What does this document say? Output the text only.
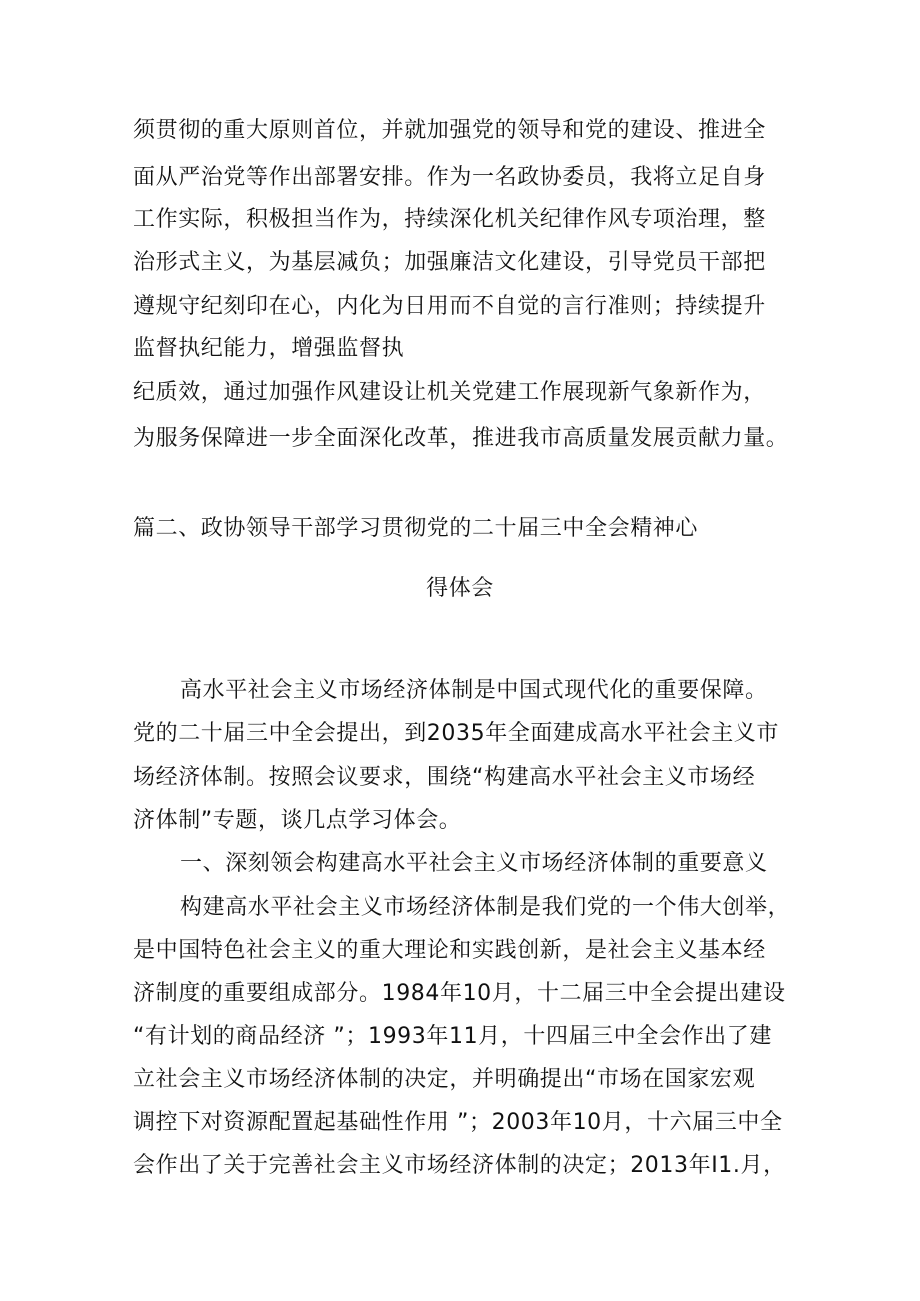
须贯彻的重大原则首位，并就加强党的领导和党的建设、推进全
面从严治党等作出部署安排。作为一名政协委员，我将立足自身
工作实际，积极担当作为，持续深化机关纪律作风专项治理，整
治形式主义，为基层减负；加强廉洁文化建设，引导党员干部把
遵规守纪刻印在心，内化为日用而不自觉的言行准则；持续提升
监督执纪能力，增强监督执
纪质效，通过加强作风建设让机关党建工作展现新气象新作为，
为服务保障进一步全面深化改革，推进我市高质量发展贡献力量。
篇二、政协领导干部学习贯彻党的二十届三中全会精神心
得体会
高水平社会主义市场经济体制是中国式现代化的重要保障。
党的二十届三中全会提出，到2035年全面建成高水平社会主义市
场经济体制。按照会议要求，围绕“构建高水平社会主义市场经
济体制”专题，谈几点学习体会。
一、深刻领会构建高水平社会主义市场经济体制的重要意义
构建高水平社会主义市场经济体制是我们党的一个伟大创举，
是中国特色社会主义的重大理论和实践创新，是社会主义基本经
济制度的重要组成部分。1984年10月，十二届三中全会提出建设
“有计划的商品经济 ”；1993年11月，十四届三中全会作出了建
立社会主义市场经济体制的决定，并明确提出“市场在国家宏观
调控下对资源配置起基础性作用 ”；2003年10月，十六届三中全
会作出了关于完善社会主义市场经济体制的决定；2013年I1.月，
